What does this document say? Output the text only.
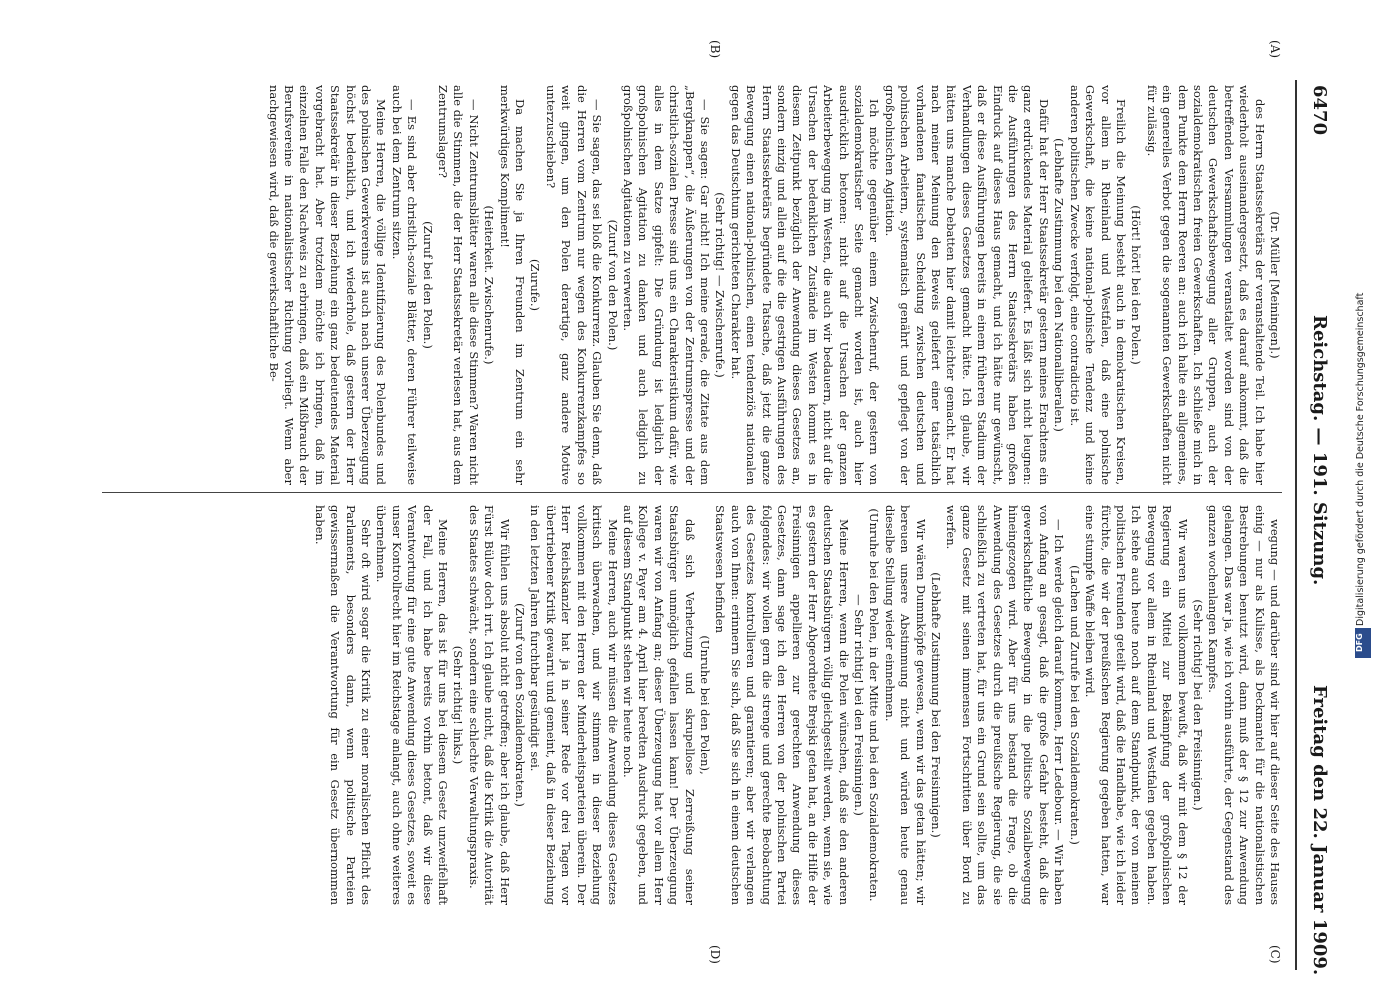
6470
Reichstag. — 191. Sitzung.
Freitag den 22. Januar 1909.
(A)
(B)
(C)
(D)

(Dr. Müller [Meiningen].)

des Herrn Staatssekretärs der veranstaltende Teil. Ich habe hier wiederholt auseinandergesetzt, daß es darauf ankommt, daß die betreffenden Versammlungen veranstaltet worden sind von der deutschen Gewerkschaftsbewegung aller Gruppen, auch der sozialdemokratischen freien Gewerkschaften. Ich schließe mich in dem Punkte dem Herrn Roeren an: auch ich halte ein allgemeines, ein generelles Verbot gegen die sogenannten Gewerkschaften nicht für zulässig.

(Hört! hört! bei den Polen.)

Freilich die Meinung besteht auch in demokratischen Kreisen, vor allem in Rheinland und Westfalen, daß eine polnische Gewerkschaft, die keine national-polnische Tendenz und keine anderen politischen Zwecke verfolgt, eine contradictio ist.

(Lebhafte Zustimmung bei den Nationalliberalen.)

Dafür hat der Herr Staatssekretär gestern meines Erachtens ein ganz erdrückendes Material geliefert. Es läßt sich nicht leugnen: die Ausführungen des Herrn Staatssekretärs haben großen Eindruck auf dieses Haus gemacht, und ich hätte nur gewünscht, daß er diese Ausführungen bereits in einem früheren Stadium der Verhandlungen dieses Gesetzes gemacht hätte. Ich glaube, wir hätten uns manche Debatten hier damit leichter gemacht. Er hat nach meiner Meinung den Beweis geliefert einer tatsächlich vorhandenen fanatischen Scheidung zwischen deutschen und polnischen Arbeitern, systematisch genährt und gepflegt von der großpolnischen Agitation.

Ich möchte gegenüber einem Zwischenruf, der gestern von sozialdemokratischer Seite gemacht worden ist, auch hier ausdrücklich betonen: nicht auf die Ursachen der ganzen Arbeiterbewegung im Westen, die auch wir bedauern, nicht auf die Ursachen der bedenklichen Zustände im Westen kommt es in diesem Zeitpunkt bezüglich der Anwendung dieses Gesetzes an, sondern einzig und allein auf die die gestrigen Ausführungen des Herrn Staatssekretärs begründete Tatsache, daß jetzt die ganze Bewegung einen national-polnischen, einen tendenziös nationalen gegen das Deutschtum gerichteten Charakter hat.

(Sehr richtig! — Zwischenrufe.)

— Sie sagen: Gar nicht! Ich meine gerade, die Zitate aus dem „Bergknappen“, die Äußerungen von der Zentrumspresse und der christlich-sozialen Presse sind uns ein Charakteristikum dafür, wie alles in dem Satze gipfelt: Die Gründung ist lediglich der großpolnischen Agitation zu danken und auch lediglich zu großpolnischen Agitationen zu verwerten.

(Zuruf von den Polen.)

— Sie sagen, das sei bloß die Konkurrenz. Glauben Sie denn, daß die Herren vom Zentrum nur wegen des Konkurrenzkampfes so weit gingen, um den Polen derartige, ganz andere Motive unterzuschieben?

(Zurufe.)

Da machen Sie ja Ihren Freunden im Zentrum ein sehr merkwürdiges Kompliment!

(Heiterkeit. Zwischenrufe.)

— Nicht Zentrumsblätter waren alle diese Stimmen? Waren nicht alle die Stimmen, die der Herr Staatssekretär verlesen hat, aus dem Zentrumslager?

(Zuruf bei den Polen.)

— Es sind aber christlich-soziale Blätter, deren Führer teilweise auch bei dem Zentrum sitzen.

Meine Herren, die völlige Identifizierung des Polenbundes und des polnischen Gewerkvereins ist auch nach unserer Überzeugung höchst bedenklich, und ich wiederhole, daß gestern der Herr Staatssekretär in dieser Beziehung ein ganz bedeutendes Material vorgebracht hat. Aber trotzdem möchte ich bringen, daß im einzelnen Falle den Nachweis zu erbringen, daß ein Mißbrauch der Berufsvereine in nationalistischer Richtung vorliegt. Wenn aber nachgewiesen wird, daß die gewerkschaftliche Be-

wegung — und darüber sind wir hier auf dieser Seite des Hauses einig — nur als Kulisse, als Deckmantel für die nationalistischen Bestrebungen benutzt wird, dann muß der § 12 zur Anwendung gelangen. Das war ja, wie ich vorhin ausführte, der Gegenstand des ganzen wochenlangen Kampfes.

(Sehr richtig! bei den Freisinnigen.)

Wir waren uns vollkommen bewußt, daß wir mit dem § 12 der Regierung ein Mittel zur Bekämpfung der großpolnischen Bewegung vor allem in Rheinland und Westfalen gegeben haben. Ich stehe auch heute noch auf dem Standpunkt, der von meinen politischen Freunden geteilt wird, daß die Handhabe, wie ich leider fürchte, die wir der preußischen Regierung gegeben hatten, war eine stumpfe Waffe bleiben wird.

(Lachen und Zurufe bei den Sozialdemokraten.)

— Ich werde gleich darauf kommen, Herr Ledebour. — Wir haben von Anfang an gesagt, daß die große Gefahr besteht, daß die gewerkschaftliche Bewegung in die politische Sozialbewegung hineingezogen wird. Aber für uns bestand die Frage, ob die Anwendung des Gesetzes durch die preußische Regierung, die sie schließlich zu vertreten hat, für uns ein Grund sein sollte, um das ganze Gesetz mit seinen immensen Fortschritten über Bord zu werfen.

(Lebhafte Zustimmung bei den Freisinnigen.)

Wir wären Dummköpfe gewesen, wenn wir das getan hätten; wir bereuen unsere Abstimmung nicht und würden heute genau dieselbe Stellung wieder einnehmen.

(Unruhe bei den Polen, in der Mitte und bei den Sozialdemokraten. — Sehr richtig! bei den Freisinnigen.)

Meine Herren, wenn die Polen wünschen, daß sie den anderen deutschen Staatsbürgern völlig gleichgestellt werden, wenn sie, wie es gestern der Herr Abgeordnete Brejski getan hat, an die Hilfe der Freisinnigen appellieren zur gerechten Anwendung dieses Gesetzes, dann sage ich den Herren von der polnischen Partei folgendes: wir wollen gern die strenge und gerechte Beobachtung des Gesetzes kontrollieren und garantieren; aber wir verlangen auch von Ihnen: erinnern Sie sich, daß Sie sich in einem deutschen Staatswesen befinden

(Unruhe bei den Polen),

daß sich Verhetzung und skrupellose Zerreißung seiner Staatsbürger unmöglich gefallen lassen kann! Der Überzeugung waren wir von Anfang an; dieser Überzeugung hat vor allem Herr Kollege v. Payer am 4. April hier beredten Ausdruck gegeben, und auf diesem Standpunkt stehen wir heute noch.

Meine Herren, auch wir müssen die Anwendung dieses Gesetzes kritisch überwachen, und wir stimmen in dieser Beziehung vollkommen mit den Herren der Minderheitsparteien überein. Der Herr Reichskanzler hat ja in seiner Rede vor drei Tagen vor übertriebener Kritik gewarnt und gemeint, daß in dieser Beziehung in den letzten Jahren furchtbar gesündigt sei.

(Zuruf von den Sozialdemokraten.)

Wir fühlen uns absolut nicht getroffen; aber ich glaube, daß Herr Fürst Bülow doch irrt. Ich glaube nicht, daß die Kritik die Autorität des Staates schwächt, sondern eine schlechte Verwaltungspraxis.

(Sehr richtig! links.)

Meine Herren, das ist für uns bei diesem Gesetz unzweifelhaft der Fall, und ich habe bereits vorhin betont, daß wir diese Verantwortung für eine gute Anwendung dieses Gesetzes, soweit es unser Kontrollrecht hier im Reichstage anlangt, auch ohne weiteres übernehmen.

Sehr oft wird sogar die Kritik zu einer moralischen Pflicht des Parlaments, besonders dann, wenn politische Parteien gewissermaßen die Verantwortung für ein Gesetz übernommen haben.	Digitalisierung gefördert durch die Deutsche Forschungsgemeinschaft
DFG
